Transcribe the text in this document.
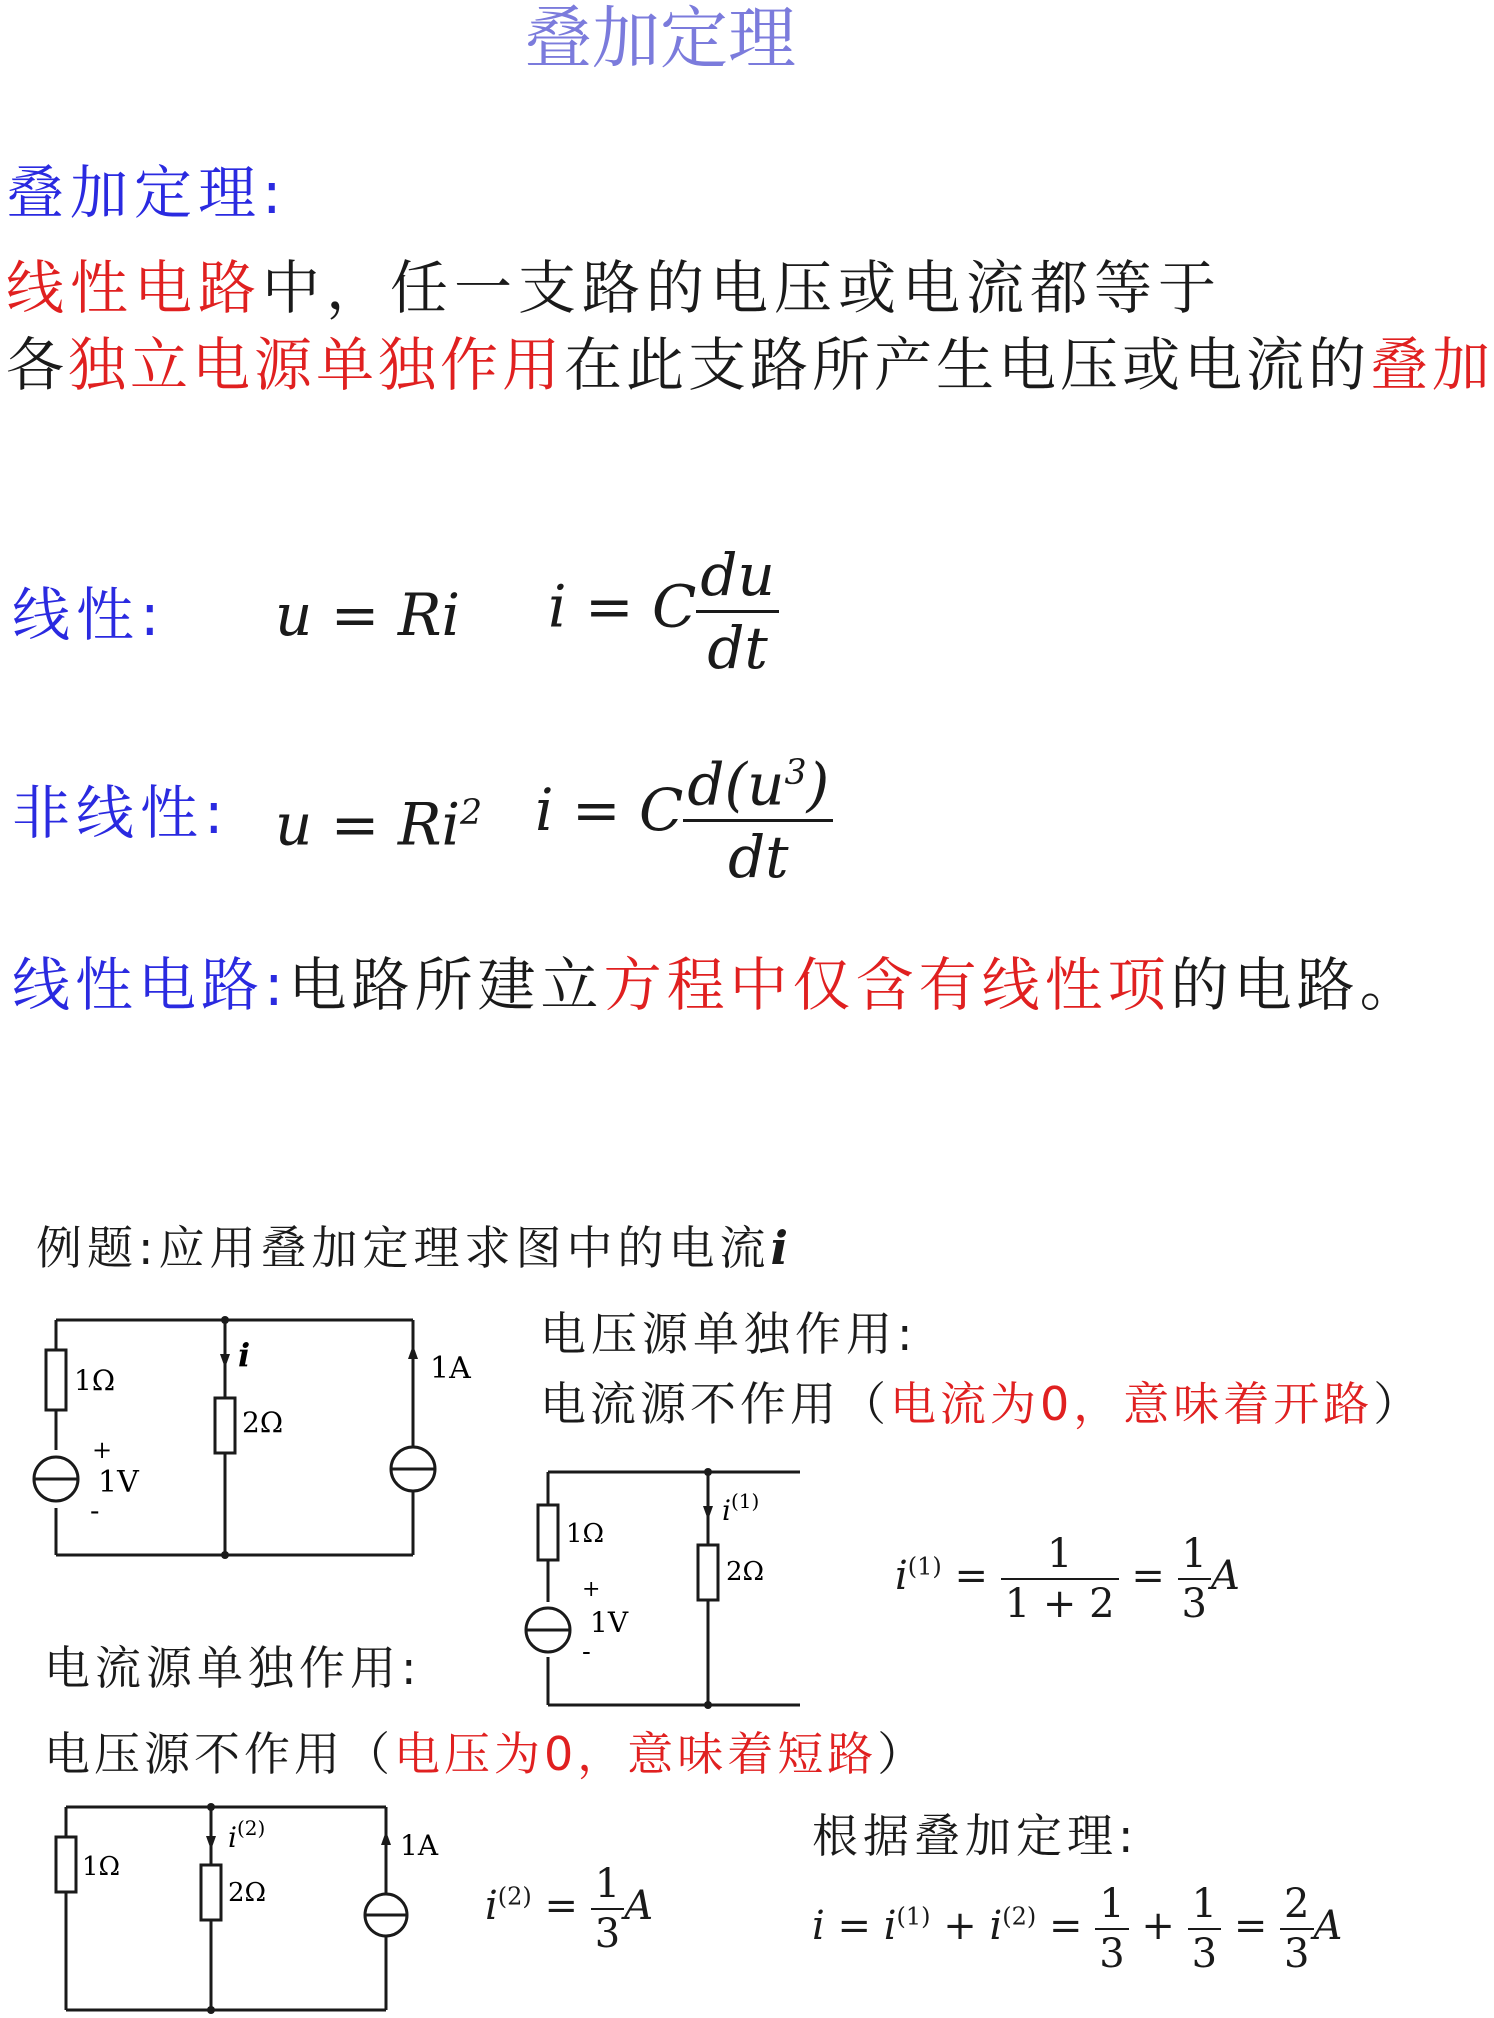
叠加定理
叠加定理:
线性电路中，任一支路的电压或电流都等于
各独立电源单独作用在此支路所产生电压或电流的叠加
线性: u = Ri i = C $\frac{du}{dt}$
非线性: $u = Ri^2$ i = C $\frac{d(u^3)}{dt}$
线性电路:电路所建立方程中仅含有线性项的电路。
例题:应用叠加定理求图中的电流i
1Ω
2Ω
+
1V
-
1A
i	电压源单独作用:
电流源不作用（电流为0，意味着开路）
1Ω
2Ω
+
1V
-
$i^{(1)}$
$i^{(1)} = \frac{1}{1 + 2} = \frac{1}{3}$ A
电流源单独作用:
电压源不作用（电压为0，意味着短路）
1Ω
2Ω
1A
$i^{(2)}$
$i^{(2)} = \frac{1}{3}$ A
根据叠加定理:
$i = i^{(1)} + i^{(2)} = \frac{1}{3} + \frac{1}{3} = \frac{2}{3}$ A
